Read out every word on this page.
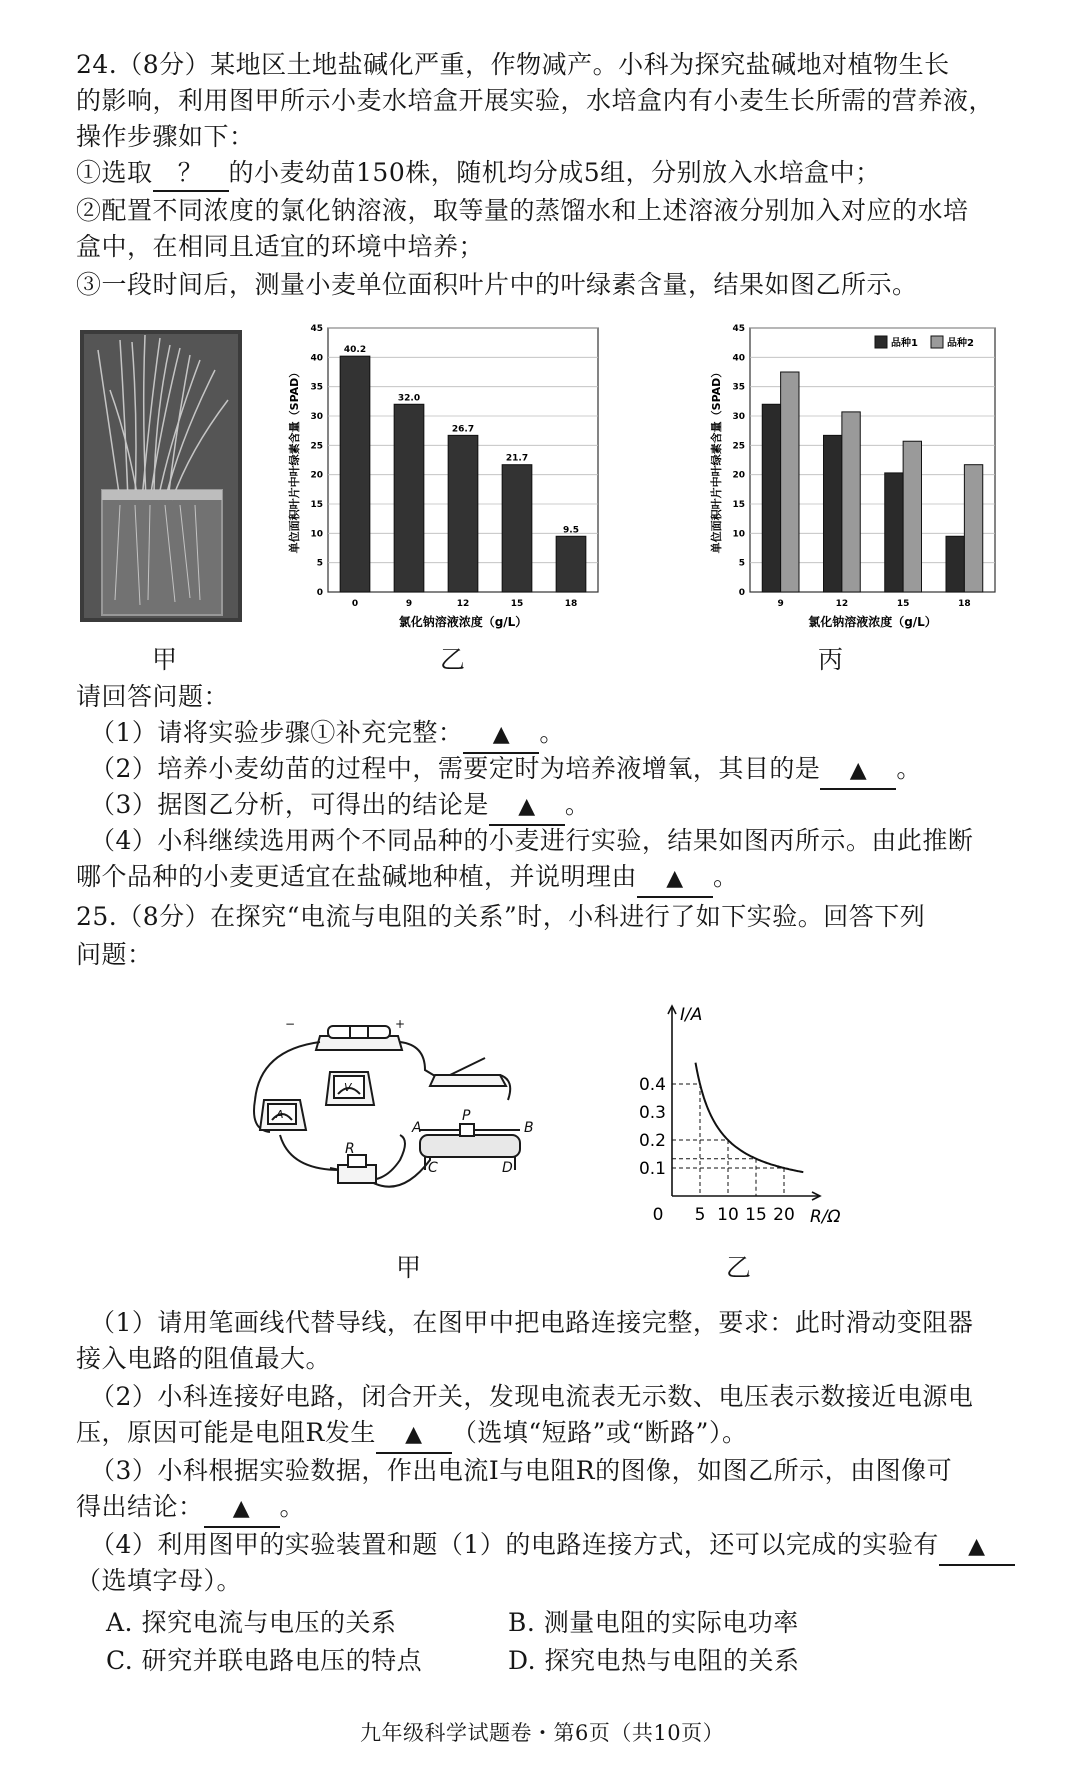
24.（8分）某地区土地盐碱化严重，作物减产。小科为探究盐碱地对植物生长
的影响，利用图甲所示小麦水培盒开展实验，水培盒内有小麦生长所需的营养液，
操作步骤如下：
①选取 ？ 的小麦幼苗150株，随机均分成5组，分别放入水培盒中；
②配置不同浓度的氯化钠溶液，取等量的蒸馏水和上述溶液分别加入对应的水培
盒中，在相同且适宜的环境中培养；
③一段时间后，测量小麦单位面积叶片中的叶绿素含量，结果如图乙所示。
0
5
10
15
20
25
30
35
40
45
0
40.2
9
32.0
12
26.7
15
21.7
18
9.5
氯化钠溶液浓度（g/L）
单位面积叶片中叶绿素含量（SPAD）
0
5
10
15
20
25
30
35
40
45
9	12	15	18
氯化钠溶液浓度（g/L）
单位面积叶片中叶绿素含量（SPAD）
品种1	品种2
甲	乙	丙
请回答问题：
（1）请将实验步骤①补充完整： ▲ 。
（2）培养小麦幼苗的过程中，需要定时为培养液增氧，其目的是 ▲ 。
（3）据图乙分析，可得出的结论是 ▲ 。
（4）小科继续选用两个不同品种的小麦进行实验，结果如图丙所示。由此推断
哪个品种的小麦更适宜在盐碱地种植，并说明理由 ▲ 。
25.（8分）在探究“电流与电阻的关系”时，小科进行了如下实验。回答下列
问题：
−	+
R
A
V
A
P
B
C	D
I/A
R/Ω
0 5 10 15 20
0.1
0.2
0.3
0.4
甲	乙
（1）请用笔画线代替导线，在图甲中把电路连接完整，要求：此时滑动变阻器
接入电路的阻值最大。
（2）小科连接好电路，闭合开关，发现电流表无示数、电压表示数接近电源电
压，原因可能是电阻R发生 ▲ （选填“短路”或“断路”）。
（3）小科根据实验数据，作出电流I与电阻R的图像，如图乙所示，由图像可
得出结论： ▲ 。
（4）利用图甲的实验装置和题（1）的电路连接方式，还可以完成的实验有 ▲
（选填字母）。
A. 探究电流与电压的关系	B. 测量电阻的实际电功率
C. 研究并联电路电压的特点	D. 探究电热与电阻的关系
九年级科学试题卷・第6页（共10页）
